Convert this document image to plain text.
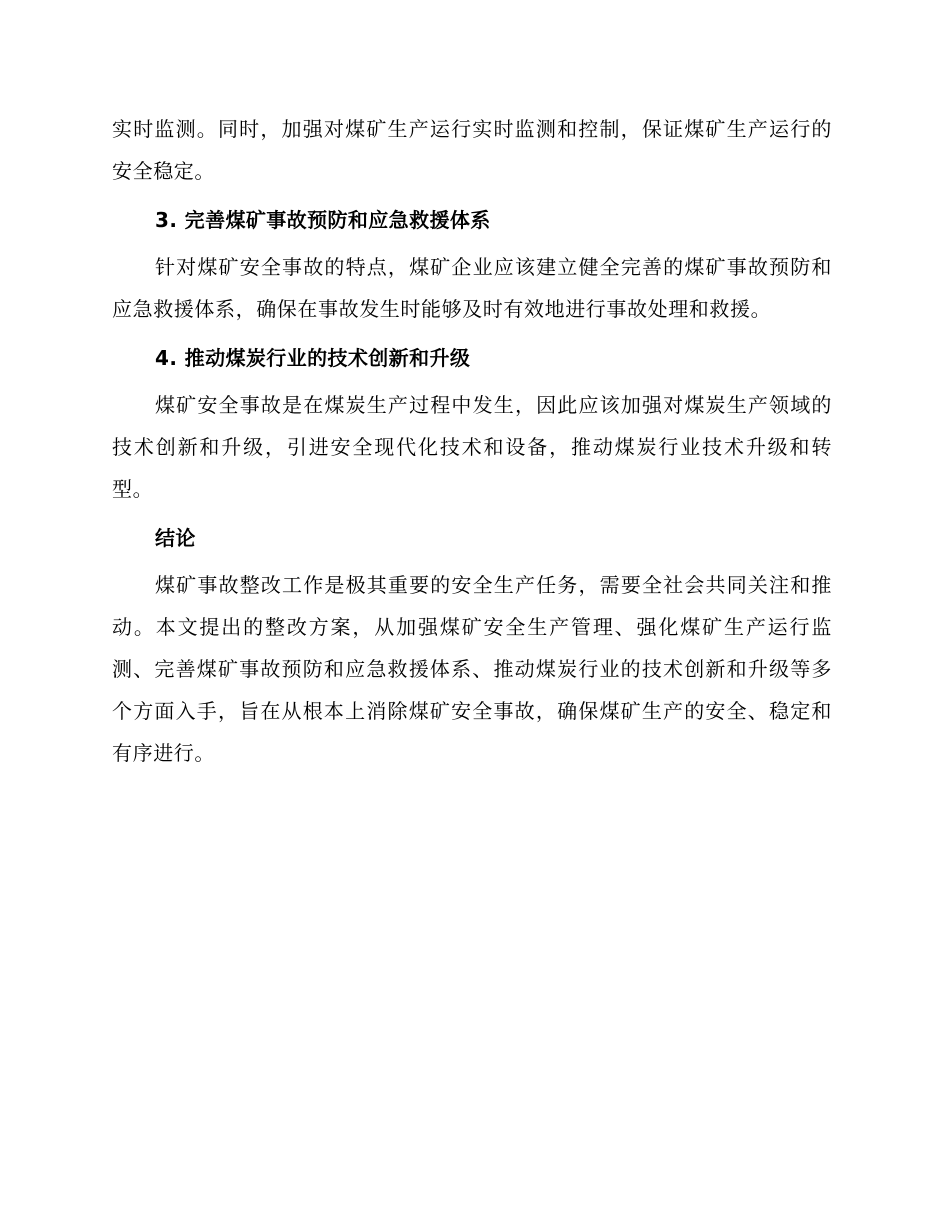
实时监测。同时，加强对煤矿生产运行实时监测和控制，保证煤矿生产运行的安全稳定。

3. 完善煤矿事故预防和应急救援体系

针对煤矿安全事故的特点，煤矿企业应该建立健全完善的煤矿事故预防和应急救援体系，确保在事故发生时能够及时有效地进行事故处理和救援。

4. 推动煤炭行业的技术创新和升级

煤矿安全事故是在煤炭生产过程中发生，因此应该加强对煤炭生产领域的技术创新和升级，引进安全现代化技术和设备，推动煤炭行业技术升级和转型。

结论

煤矿事故整改工作是极其重要的安全生产任务，需要全社会共同关注和推动。本文提出的整改方案，从加强煤矿安全生产管理、强化煤矿生产运行监测、完善煤矿事故预防和应急救援体系、推动煤炭行业的技术创新和升级等多个方面入手，旨在从根本上消除煤矿安全事故，确保煤矿生产的安全、稳定和有序进行。
